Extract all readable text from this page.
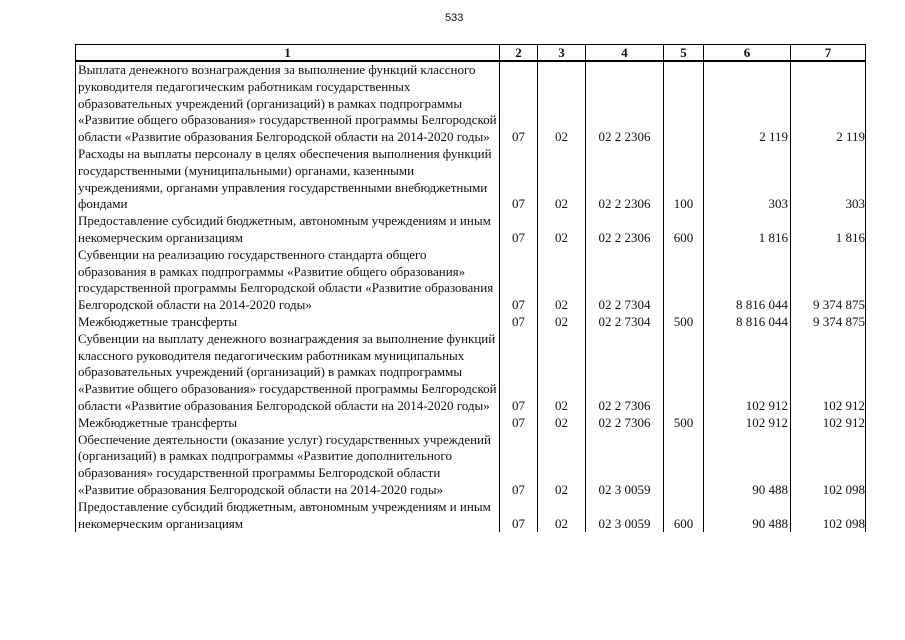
533
1	2	3	4	5	6	7
Выплата денежного вознаграждения за выполнение функций классного руководителя педагогическим работникам государственных образовательных учреждений (организаций) в рамках подпрограммы «Развитие общего образования» государственной программы Белгородской области «Развитие образования Белгородской области на 2014-2020 годы»	07	02	02 2 2306		2 119	2 119
Расходы на выплаты персоналу в целях обеспечения выполнения функций государственными (муниципальными) органами, казенными учреждениями, органами управления государственными внебюджетными фондами	07	02	02 2 2306	100	303	303
Предоставление субсидий бюджетным, автономным учреждениям и иным некомерческим организациям	07	02	02 2 2306	600	1 816	1 816
Субвенции на реализацию государственного стандарта общего образования в рамках подпрограммы «Развитие общего образования» государственной программы Белгородской области «Развитие образования Белгородской области на 2014-2020 годы»	07	02	02 2 7304		8 816 044	9 374 875
Межбюджетные трансферты	07	02	02 2 7304	500	8 816 044	9 374 875
Субвенции на выплату денежного вознаграждения за выполнение функций классного руководителя педагогическим работникам муниципальных образовательных учреждений (организаций) в рамках подпрограммы «Развитие общего образования» государственной программы Белгородской области «Развитие образования Белгородской области на 2014-2020 годы»	07	02	02 2 7306		102 912	102 912
Межбюджетные трансферты	07	02	02 2 7306	500	102 912	102 912
Обеспечение деятельности (оказание услуг) государственных учреждений (организаций) в рамках подпрограммы «Развитие дополнительного образования» государственной программы Белгородской области «Развитие образования Белгородской области на 2014-2020 годы»	07	02	02 3 0059		90 488	102 098
Предоставление субсидий бюджетным, автономным учреждениям и иным некомерческим организациям	07	02	02 3 0059	600	90 488	102 098
